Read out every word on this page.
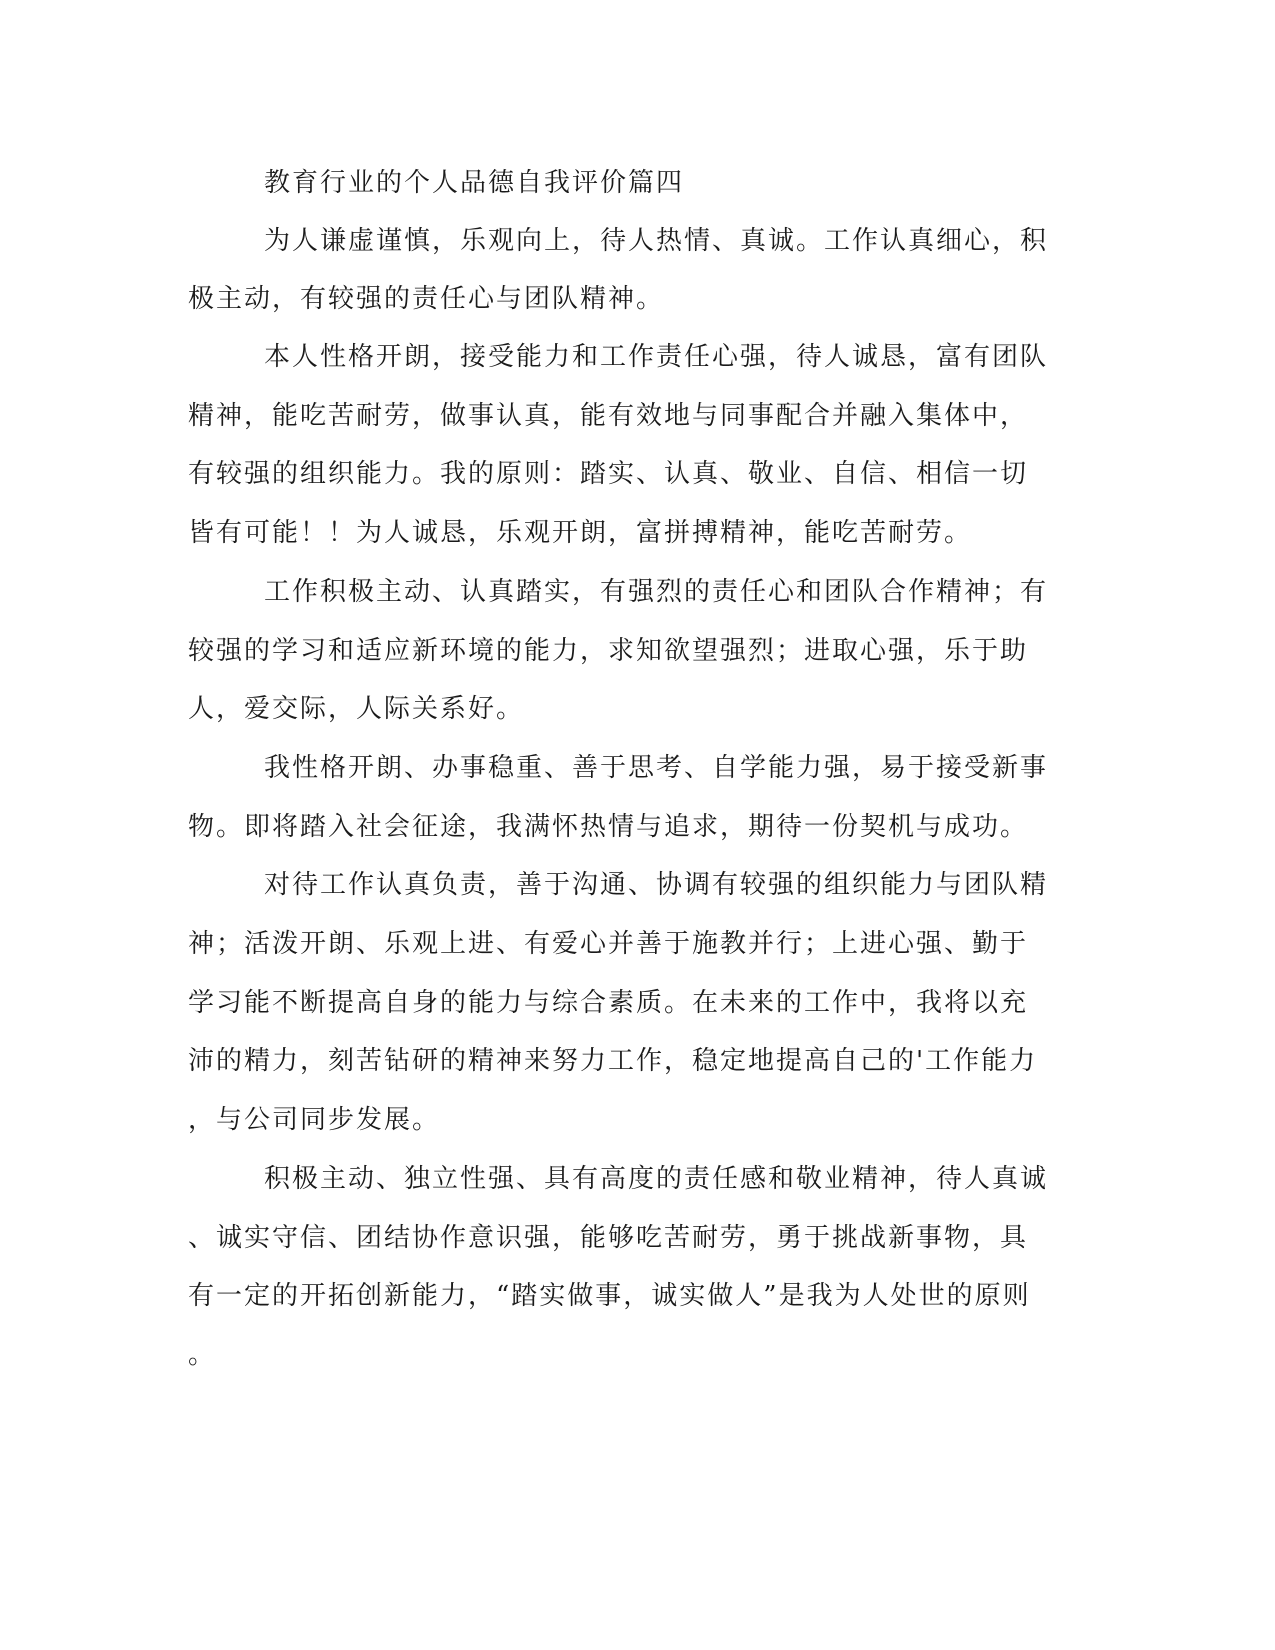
教育行业的个人品德自我评价篇四
为人谦虚谨慎，乐观向上，待人热情、真诚。工作认真细心，积
极主动，有较强的责任心与团队精神。
本人性格开朗，接受能力和工作责任心强，待人诚恳，富有团队
精神，能吃苦耐劳，做事认真，能有效地与同事配合并融入集体中，
有较强的组织能力。我的原则：踏实、认真、敬业、自信、相信一切
皆有可能！！为人诚恳，乐观开朗，富拼搏精神，能吃苦耐劳。
工作积极主动、认真踏实，有强烈的责任心和团队合作精神；有
较强的学习和适应新环境的能力，求知欲望强烈；进取心强，乐于助
人，爱交际，人际关系好。
我性格开朗、办事稳重、善于思考、自学能力强，易于接受新事
物。即将踏入社会征途，我满怀热情与追求，期待一份契机与成功。
对待工作认真负责，善于沟通、协调有较强的组织能力与团队精
神；活泼开朗、乐观上进、有爱心并善于施教并行；上进心强、勤于
学习能不断提高自身的能力与综合素质。在未来的工作中，我将以充
沛的精力，刻苦钻研的精神来努力工作，稳定地提高自己的'工作能力
，与公司同步发展。
积极主动、独立性强、具有高度的责任感和敬业精神，待人真诚
、诚实守信、团结协作意识强，能够吃苦耐劳，勇于挑战新事物，具
有一定的开拓创新能力，“踏实做事，诚实做人”是我为人处世的原则
。
